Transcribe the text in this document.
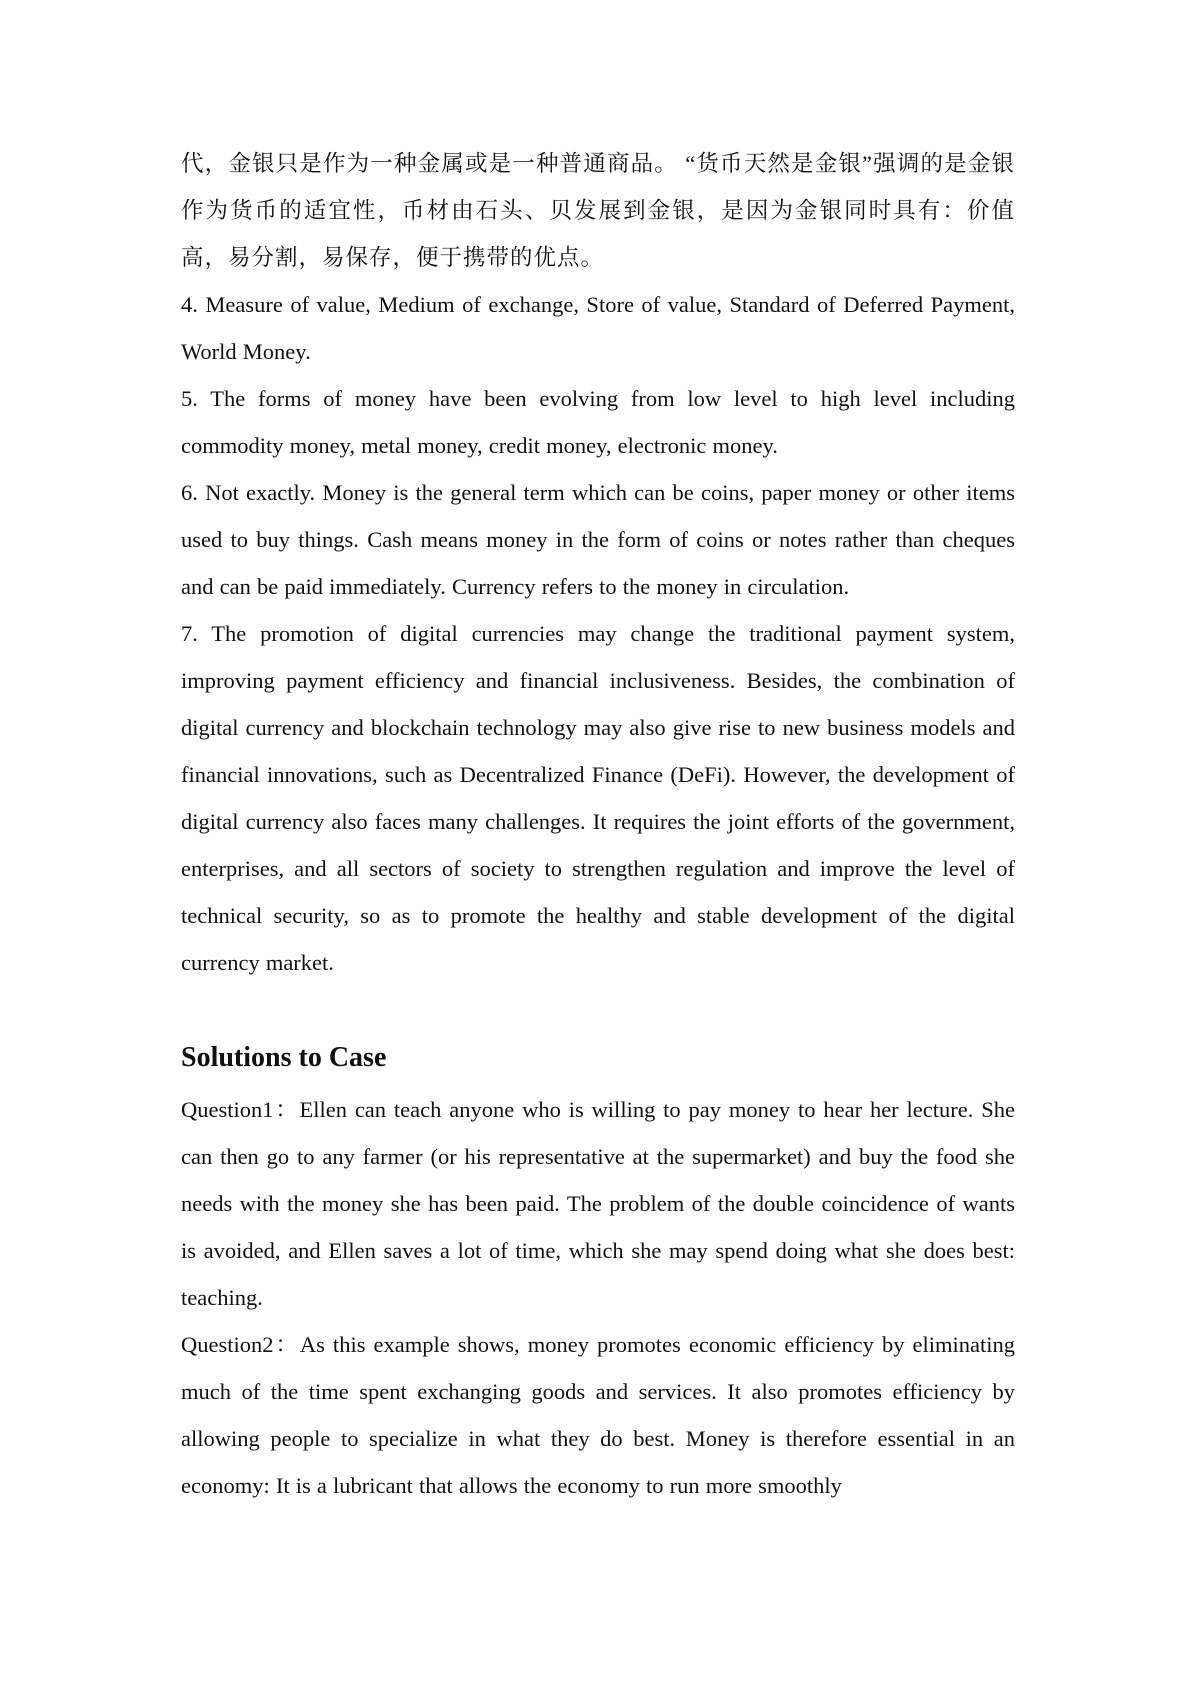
代，金银只是作为一种金属或是一种普通商品。 “货币天然是金银”强调的是金银作为货币的适宜性，币材由石头、贝发展到金银，是因为金银同时具有：价值高，易分割，易保存，便于携带的优点。

4. Measure of value, Medium of exchange, Store of value, Standard of Deferred Payment, World Money.

5. The forms of money have been evolving from low level to high level including commodity money, metal money, credit money, electronic money.

6. Not exactly. Money is the general term which can be coins, paper money or other items used to buy things. Cash means money in the form of coins or notes rather than cheques and can be paid immediately. Currency refers to the money in circulation.

7. The promotion of digital currencies may change the traditional payment system, improving payment efficiency and financial inclusiveness. Besides, the combination of digital currency and blockchain technology may also give rise to new business models and financial innovations, such as Decentralized Finance (DeFi). However, the development of digital currency also faces many challenges. It requires the joint efforts of the government, enterprises, and all sectors of society to strengthen regulation and improve the level of technical security, so as to promote the healthy and stable development of the digital currency market.

Solutions to Case

Question1：Ellen can teach anyone who is willing to pay money to hear her lecture. She can then go to any farmer (or his representative at the supermarket) and buy the food she needs with the money she has been paid. The problem of the double coincidence of wants is avoided, and Ellen saves a lot of time, which she may spend doing what she does best: teaching.

Question2：As this example shows, money promotes economic efficiency by eliminating much of the time spent exchanging goods and services. It also promotes efficiency by allowing people to specialize in what they do best. Money is therefore essential in an economy: It is a lubricant that allows the economy to run more smoothly
